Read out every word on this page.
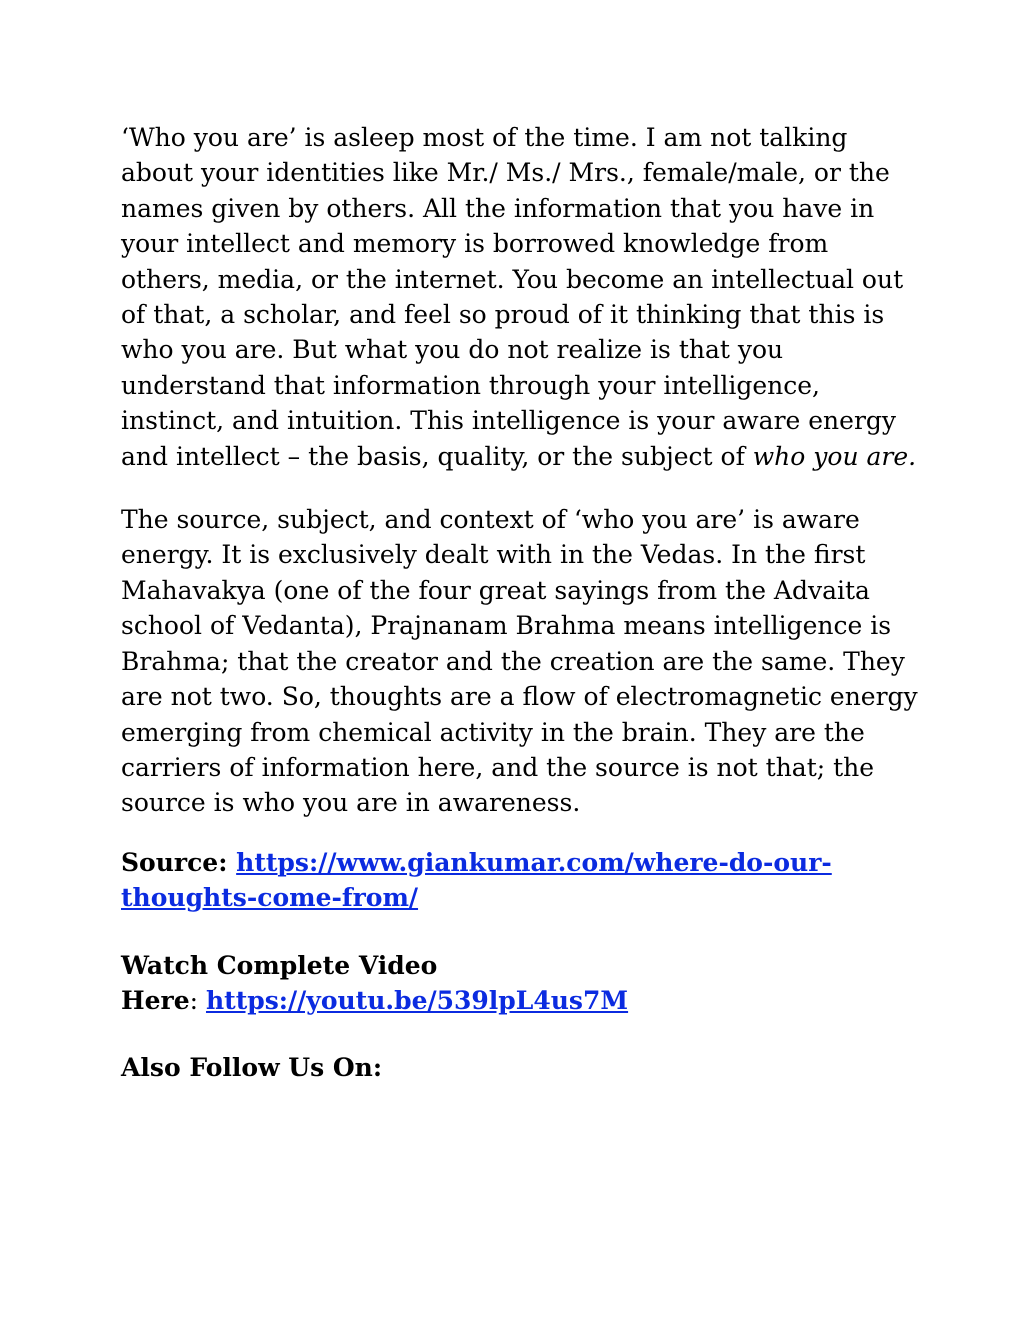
‘Who you are’ is asleep most of the time. I am not talking about your identities like Mr./ Ms./ Mrs., female/male, or the names given by others. All the information that you have in your intellect and memory is borrowed knowledge from others, media, or the internet. You become an intellectual out of that, a scholar, and feel so proud of it thinking that this is who you are. But what you do not realize is that you understand that information through your intelligence, instinct, and intuition. This intelligence is your aware energy and intellect – the basis, quality, or the subject of who you are.

The source, subject, and context of ‘who you are’ is aware energy. It is exclusively dealt with in the Vedas. In the first Mahavakya (one of the four great sayings from the Advaita school of Vedanta), Prajnanam Brahma means intelligence is Brahma; that the creator and the creation are the same. They are not two. So, thoughts are a flow of electromagnetic energy emerging from chemical activity in the brain. They are the carriers of information here, and the source is not that; the source is who you are in awareness.

Source: https://www.giankumar.com/where-do-our-thoughts-come-from/

Watch Complete Video
Here: https://youtu.be/539lpL4us7M

Also Follow Us On:
